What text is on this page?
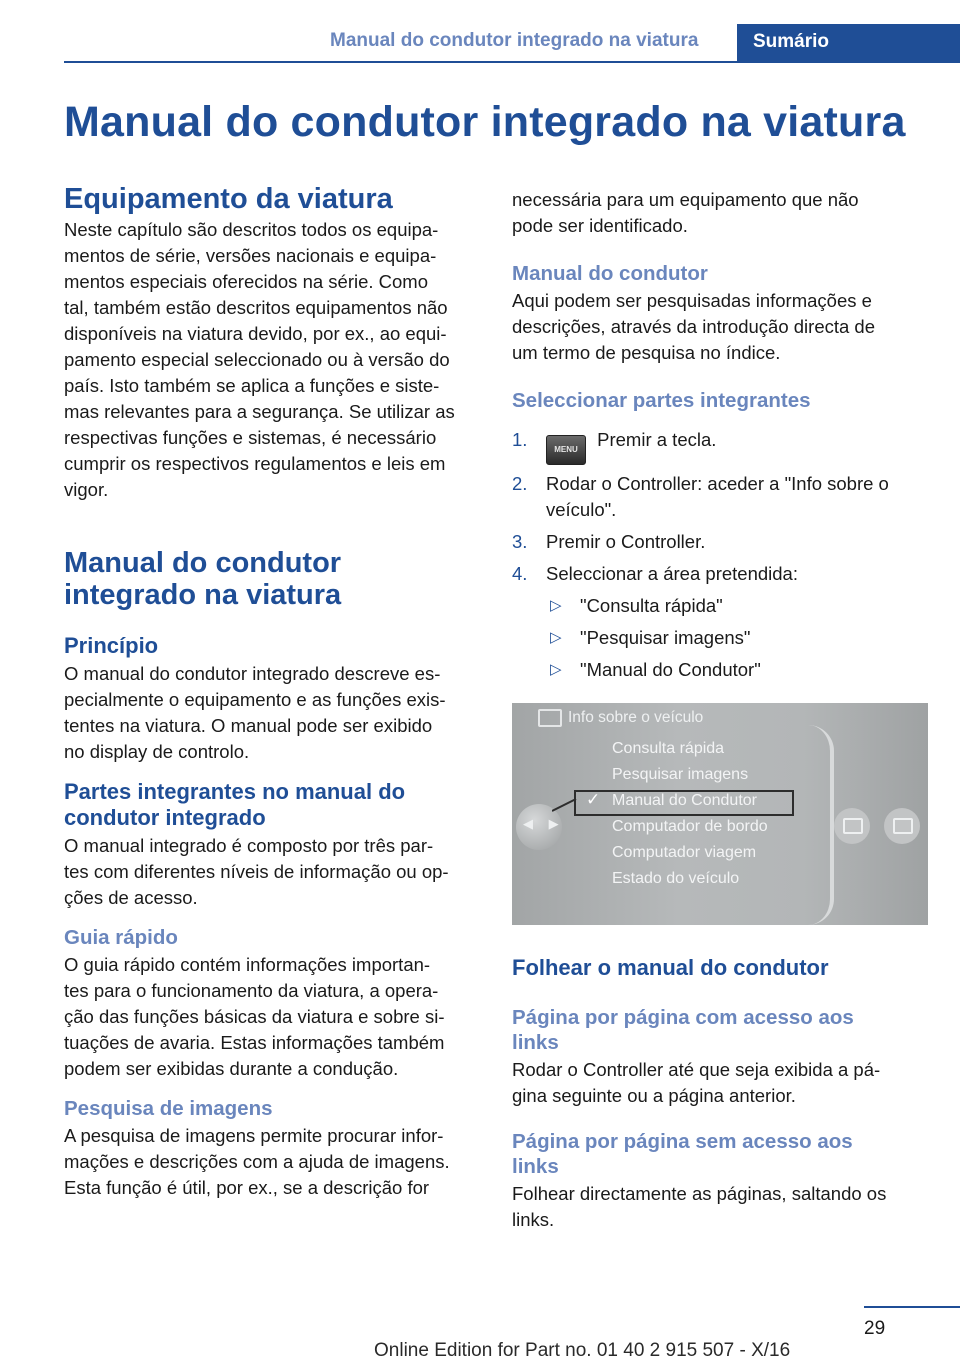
Manual do condutor integrado na viatura	Sumário
Manual do condutor integrado na viatura
Equipamento da viatura

Neste capítulo são descritos todos os equipa‐

mentos de série, versões nacionais e equipa‐

mentos especiais oferecidos na série. Como

tal, também estão descritos equipamentos não

disponíveis na viatura devido, por ex., ao equi‐

pamento especial seleccionado ou à versão do

país. Isto também se aplica a funções e siste‐

mas relevantes para a segurança. Se utilizar as

respectivas funções e sistemas, é necessário

cumprir os respectivos regulamentos e leis em

vigor.

Manual do condutor
integrado na viatura
Princípio

O manual do condutor integrado descreve es‐

pecialmente o equipamento e as funções exis‐

tentes na viatura. O manual pode ser exibido

no display de controlo.

Partes integrantes no manual do
condutor integrado

O manual integrado é composto por três par‐

tes com diferentes níveis de informação ou op‐

ções de acesso.

Guia rápido

O guia rápido contém informações importan‐

tes para o funcionamento da viatura, a opera‐

ção das funções básicas da viatura e sobre si‐

tuações de avaria. Estas informações também

podem ser exibidas durante a condução.

Pesquisa de imagens

A pesquisa de imagens permite procurar infor‐

mações e descrições com a ajuda de imagens.

Esta função é útil, por ex., se a descrição for

necessária para um equipamento que não

pode ser identificado.

Manual do condutor

Aqui podem ser pesquisadas informações e

descrições, através da introdução directa de

um termo de pesquisa no índice.

Seleccionar partes integrantes
1.	MENU Premir a tecla.
2. Rodar o Controller: aceder a "Info sobre o
veículo".
3. Premir o Controller.
4. Seleccionar a área pretendida:
▷ "Consulta rápida"
▷ "Pesquisar imagens"
▷ "Manual do Condutor"
Info sobre o veículo
◀ ▶
✓
Consulta rápida
Pesquisar imagens
Manual do Condutor
Computador de bordo
Computador viagem
Estado do veículo
Folhear o manual do condutor
Página por página com acesso aos
links

Rodar o Controller até que seja exibida a pá‐

gina seguinte ou a página anterior.

Página por página sem acesso aos
links

Folhear directamente as páginas, saltando os

links.

29
Online Edition for Part no. 01 40 2 915 507 - X/16
